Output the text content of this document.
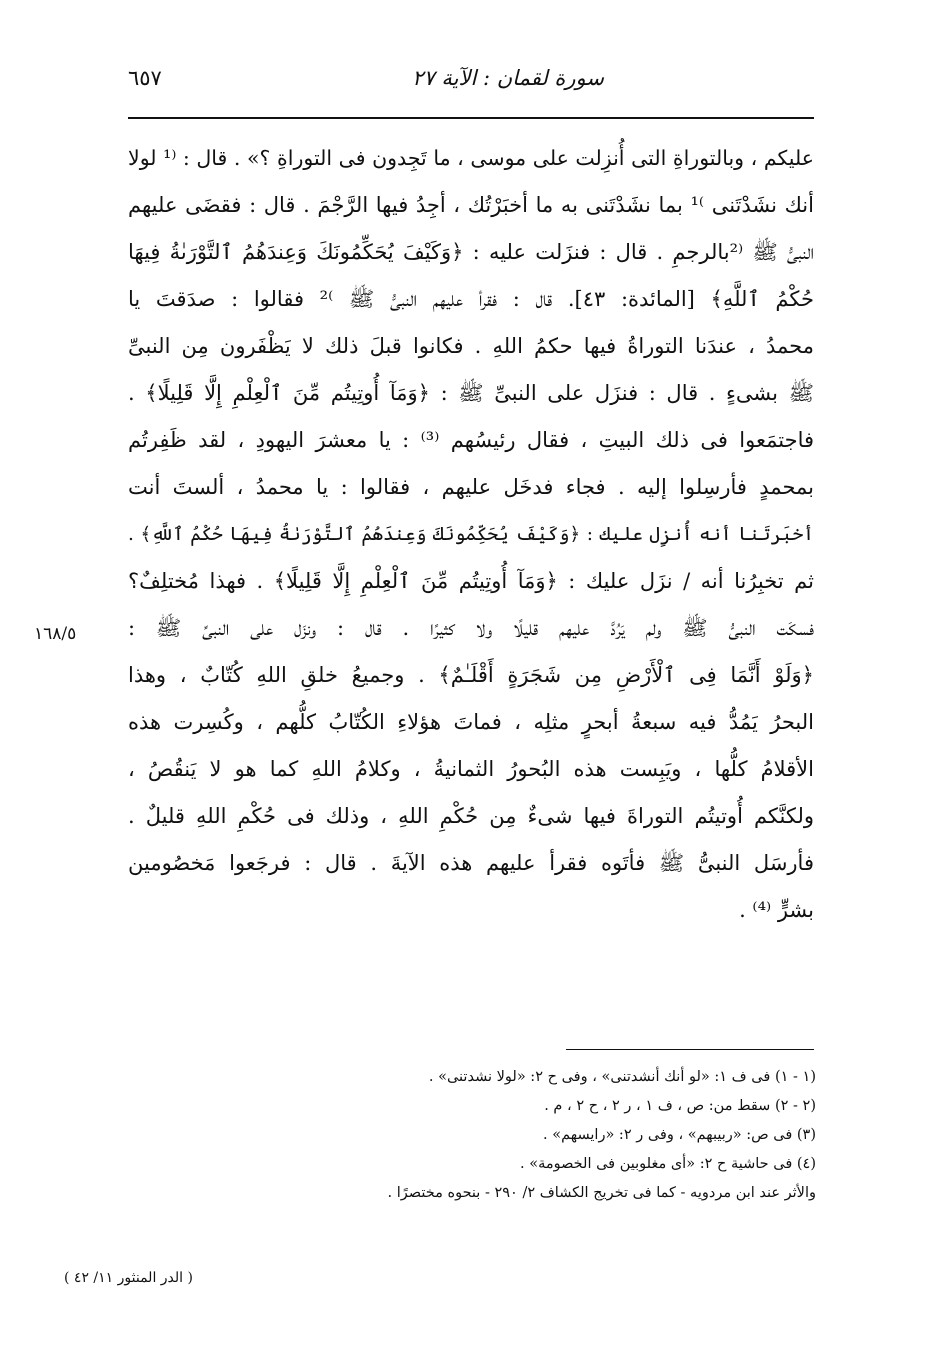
سورة لقمان : الآية ٢٧
٦٥٧
عليكم ، وبالتوراةِ التى أُنزِلت على موسى ، ما تَجِدون فى التوراةِ ؟» . قال : ⁽¹ لولا
أنك نشَدْتَنى ⁾¹ بما نشَدْتَنى به ما أخبَرْتُك ، أجِدُ فيها الرَّجْمَ . قال : فقضَى عليهم
النبىُّ ﷺ ⁽²بالرجمِ . قال : فنزَلت عليه : ﴿وَكَيْفَ يُحَكِّمُونَكَ وَعِندَهُمُ ٱلتَّوْرَىٰةُ فِيهَا
حُكْمُ ٱللَّهِ﴾ [المائدة: ٤٣]. قال : فقرأ عليهم النبىُّ ﷺ ⁾² فقالوا : صدَقتَ يا
محمدُ ، عندَنا التوراةُ فيها حكمُ اللهِ . فكانوا قبلَ ذلك لا يَظْفَرون مِن النبىِّ
ﷺ بشىءٍ . قال : فنزَل على النبىِّ ﷺ : ﴿وَمَآ أُوتِيتُم مِّنَ ٱلْعِلْمِ إِلَّا قَلِيلًا﴾ .
فاجتمَعوا فى ذلك البيتِ ، فقال رئيسُهم ⁽³⁾ : يا معشرَ اليهودِ ، لقد ظَفِرتُم
بمحمدٍ فأرسِلوا إليه . فجاء فدخَل عليهم ، فقالوا : يا محمدُ ، ألستَ أنت
أخبَرتَنا أنه أُنزِل عليك : ﴿وَكَيْفَ يُحَكِّمُونَكَ وَعِندَهُمُ ٱلتَّوْرَىٰةُ فِيهَا حُكْمُ ٱللَّهِ﴾ .
ثم تخبِرُنا أنه / نزَل عليك : ﴿وَمَآ أُوتِيتُم مِّنَ ٱلْعِلْمِ إِلَّا قَلِيلًا﴾ . فهذا مُختلِفٌ؟
فسكَت النبىُّ ﷺ ولم يَرُدَّ عليهم قليلًا ولا كثيرًا . قال : ونزَل على النبىِّ ﷺ :
﴿وَلَوْ أَنَّمَا فِى ٱلْأَرْضِ مِن شَجَرَةٍ أَقْلَـٰمٌ﴾ . وجميعُ خلقِ اللهِ كُتّابٌ ، وهذا
البحرُ يَمُدُّ فيه سبعةُ أبحرٍ مثلِه ، فماتَ هؤلاءِ الكُتّابُ كلُّهم ، وكُسِرت هذه
الأقلامُ كلُّها ، ويَبِست هذه البُحورُ الثمانيةُ ، وكلامُ اللهِ كما هو لا يَنقُصُ ،
ولكنَّكم أُوتيتُم التوراةَ فيها شىءٌ مِن حُكْمِ اللهِ ، وذلك فى حُكْمِ اللهِ قليلٌ .
فأرسَل النبىُّ ﷺ فأتَوه فقرأ عليهم هذه الآيةَ . قال : فرجَعوا مَخصُومين
بشرٍّ ⁽⁴⁾ .
١٦٨/٥
(١ - ١) فى ف ١: «لو أنك أنشدتنى» ، وفى ح ٢: «لولا نشدتنى» .
(٢ - ٢) سقط من: ص ، ف ١ ، ر ٢ ، ح ٢ ، م .
(٣) فى ص: «ربيبهم» ، وفى ر ٢: «رايسهم» .
(٤) فى حاشية ح ٢: «أى مغلوبين فى الخصومة» .
والأثر عند ابن مردويه - كما فى تخريج الكشاف ٢/ ٢٩٠ - بنحوه مختصرًا .
( الدر المنثور ١١/ ٤٢ )
